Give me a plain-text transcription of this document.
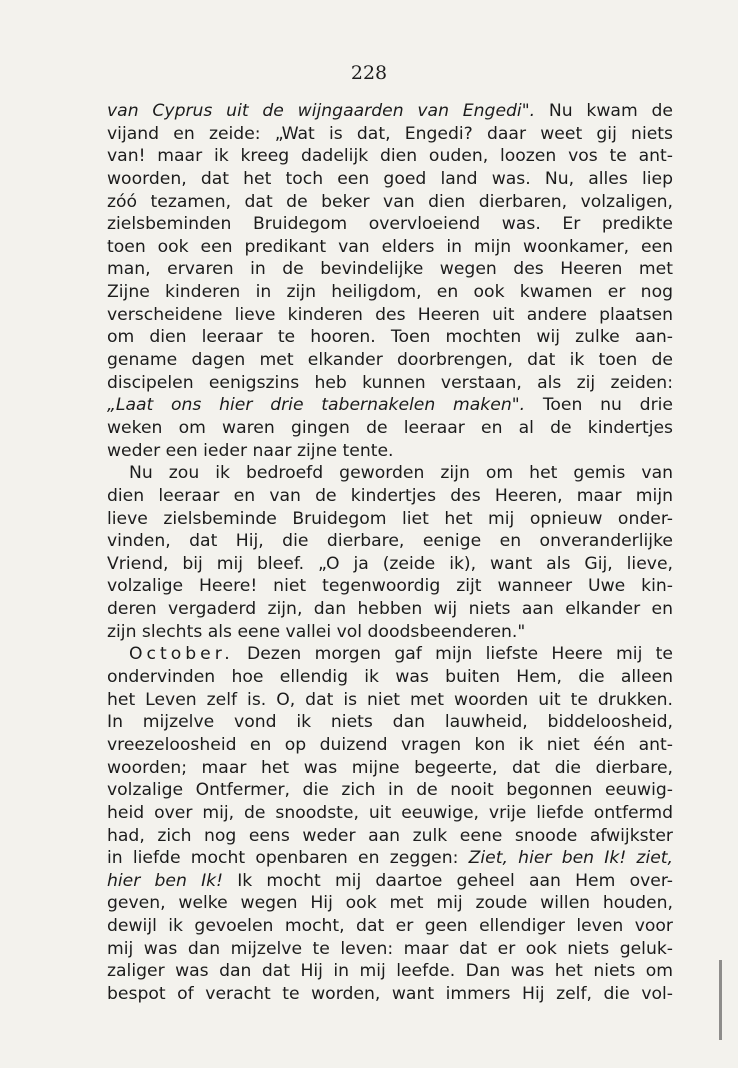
228
van Cyprus uit de wijngaarden van Engedi". Nu kwam de
vijand en zeide: „Wat is dat, Engedi? daar weet gij niets
van! maar ik kreeg dadelijk dien ouden, loozen vos te ant-
woorden, dat het toch een goed land was. Nu, alles liep
zóó tezamen, dat de beker van dien dierbaren, volzaligen,
zielsbeminden Bruidegom overvloeiend was. Er predikte
toen ook een predikant van elders in mijn woonkamer, een
man, ervaren in de bevindelijke wegen des Heeren met
Zijne kinderen in zijn heiligdom, en ook kwamen er nog
verscheidene lieve kinderen des Heeren uit andere plaatsen
om dien leeraar te hooren. Toen mochten wij zulke aan-
gename dagen met elkander doorbrengen, dat ik toen de
discipelen eenigszins heb kunnen verstaan, als zij zeiden:
„Laat ons hier drie tabernakelen maken". Toen nu drie
weken om waren gingen de leeraar en al de kindertjes
weder een ieder naar zijne tente.
Nu zou ik bedroefd geworden zijn om het gemis van
dien leeraar en van de kindertjes des Heeren, maar mijn
lieve zielsbeminde Bruidegom liet het mij opnieuw onder-
vinden, dat Hij, die dierbare, eenige en onveranderlijke
Vriend, bij mij bleef. „O ja (zeide ik), want als Gij, lieve,
volzalige Heere! niet tegenwoordig zijt wanneer Uwe kin-
deren vergaderd zijn, dan hebben wij niets aan elkander en
zijn slechts als eene vallei vol doodsbeenderen."
October. Dezen morgen gaf mijn liefste Heere mij te
ondervinden hoe ellendig ik was buiten Hem, die alleen
het Leven zelf is. O, dat is niet met woorden uit te drukken.
In mijzelve vond ik niets dan lauwheid, biddeloosheid,
vreezeloosheid en op duizend vragen kon ik niet één ant-
woorden; maar het was mijne begeerte, dat die dierbare,
volzalige Ontfermer, die zich in de nooit begonnen eeuwig-
heid over mij, de snoodste, uit eeuwige, vrije liefde ontfermd
had, zich nog eens weder aan zulk eene snoode afwijkster
in liefde mocht openbaren en zeggen: Ziet, hier ben Ik! ziet,
hier ben Ik! Ik mocht mij daartoe geheel aan Hem over-
geven, welke wegen Hij ook met mij zoude willen houden,
dewijl ik gevoelen mocht, dat er geen ellendiger leven voor
mij was dan mijzelve te leven: maar dat er ook niets geluk-
zaliger was dan dat Hij in mij leefde. Dan was het niets om
bespot of veracht te worden, want immers Hij zelf, die vol-
